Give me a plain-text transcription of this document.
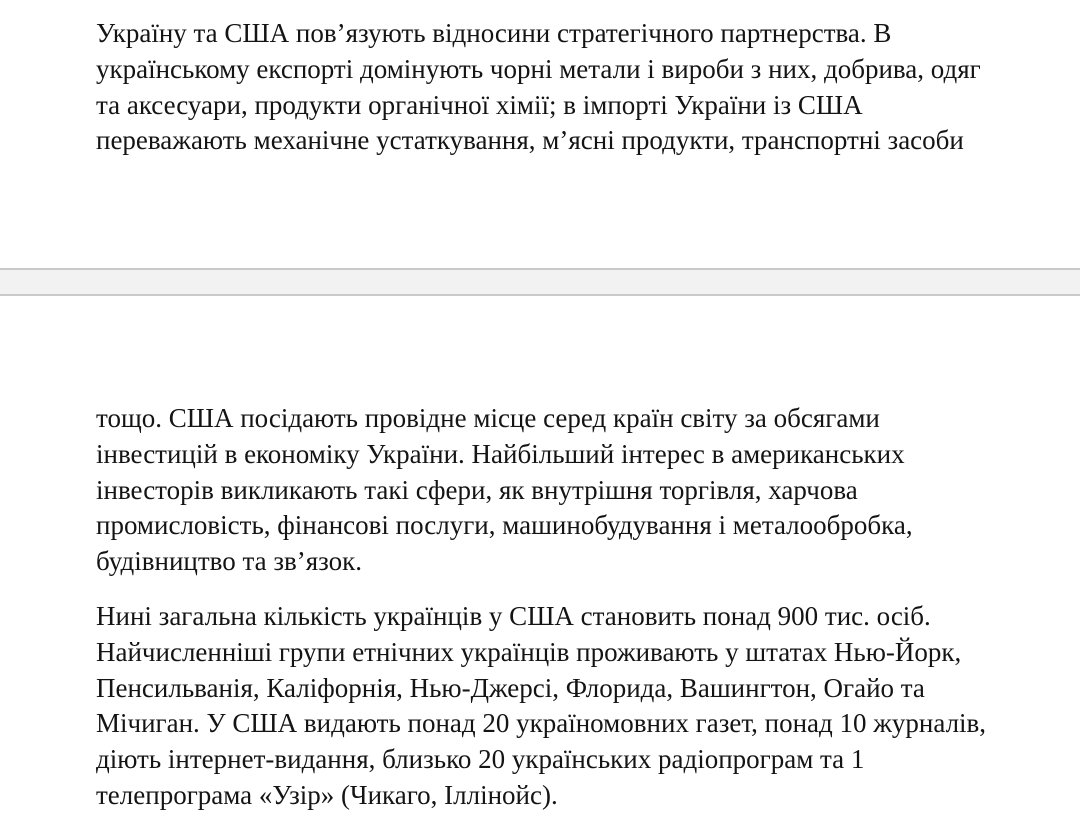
Україну та США пов’язують відносини стратегічного партнерства. В
українському експорті домінують чорні метали і вироби з них, добрива, одяг
та аксесуари, продукти органічної хімії; в імпорті України із США
переважають механічне устаткування, м’ясні продукти, транспортні засоби

тощо. США посідають провідне місце серед країн світу за обсягами
інвестицій в економіку України. Найбільший інтерес в американських
інвесторів викликають такі сфери, як внутрішня торгівля, харчова
промисловість, фінансові послуги, машинобудування і металообробка,
будівництво та зв’язок.

Нині загальна кількість українців у США становить понад 900 тис. осіб.
Найчисленніші групи етнічних українців проживають у штатах Нью-Йорк,
Пенсильванія, Каліфорнія, Нью-Джерсі, Флорида, Вашингтон, Огайо та
Мічиган. У США видають понад 20 україномовних газет, понад 10 журналів,
діють інтернет-видання, близько 20 українських радіопрограм та 1
телепрограма «Узір» (Чикаго, Іллінойс).
